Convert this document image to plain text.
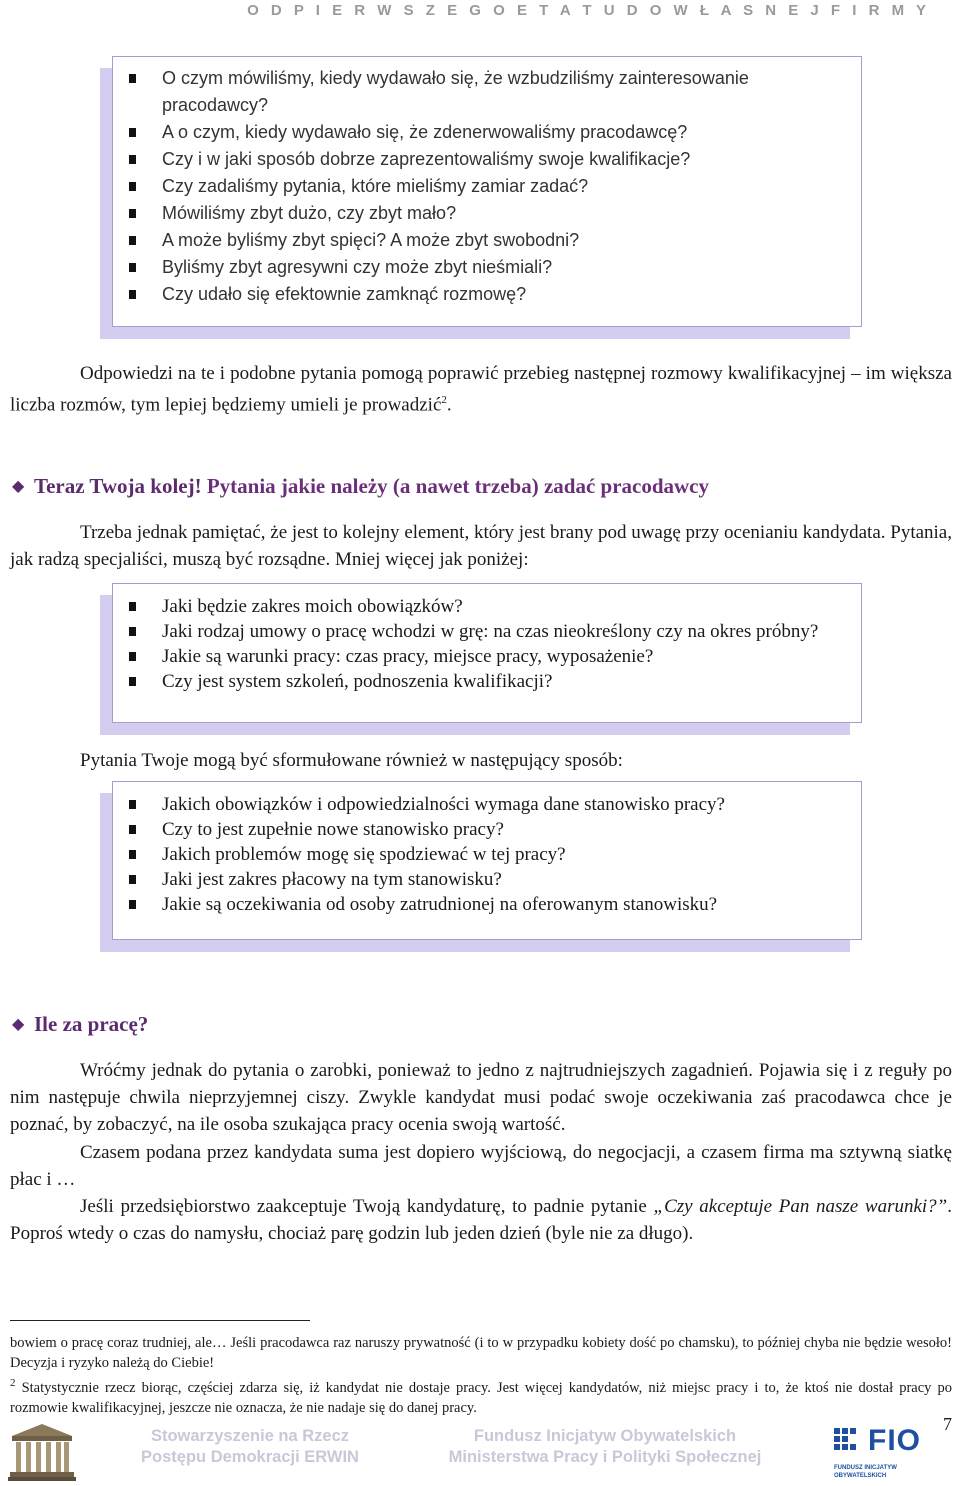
O D P I E R W S Z E G O E T A T U D O W Ł A S N E J F I R M Y
O czym mówiliśmy, kiedy wydawało się, że wzbudziliśmy zainteresowanie pracodawcy?
A o czym, kiedy wydawało się, że zdenerwowaliśmy pracodawcę?
Czy i w jaki sposób dobrze zaprezentowaliśmy swoje kwalifikacje?
Czy zadaliśmy pytania, które mieliśmy zamiar zadać?
Mówiliśmy zbyt dużo, czy zbyt mało?
A może byliśmy zbyt spięci? A może zbyt swobodni?
Byliśmy zbyt agresywni czy może zbyt nieśmiali?
Czy udało się efektownie zamknąć rozmowę?
Odpowiedzi na te i podobne pytania pomogą poprawić przebieg następnej rozmowy kwalifikacyjnej – im większa liczba rozmów, tym lepiej będziemy umieli je prowadzić$^2$.
◆ Teraz Twoja kolej! Pytania jakie należy (a nawet trzeba) zadać pracodawcy
Trzeba jednak pamiętać, że jest to kolejny element, który jest brany pod uwagę przy ocenianiu kandydata. Pytania, jak radzą specjaliści, muszą być rozsądne. Mniej więcej jak poniżej:
Jaki będzie zakres moich obowiązków?
Jaki rodzaj umowy o pracę wchodzi w grę: na czas nieokreślony czy na okres próbny?
Jakie są warunki pracy: czas pracy, miejsce pracy, wyposażenie?
Czy jest system szkoleń, podnoszenia kwalifikacji?
Pytania Twoje mogą być sformułowane również w następujący sposób:
Jakich obowiązków i odpowiedzialności wymaga dane stanowisko pracy?
Czy to jest zupełnie nowe stanowisko pracy?
Jakich problemów mogę się spodziewać w tej pracy?
Jaki jest zakres płacowy na tym stanowisku?
Jakie są oczekiwania od osoby zatrudnionej na oferowanym stanowisku?
◆ Ile za pracę?
Wróćmy jednak do pytania o zarobki, ponieważ to jedno z najtrudniejszych zagadnień. Pojawia się i z reguły po nim następuje chwila nieprzyjemnej ciszy. Zwykle kandydat musi podać swoje oczekiwania zaś pracodawca chce je poznać, by zobaczyć, na ile osoba szukająca pracy ocenia swoją wartość.
Czasem podana przez kandydata suma jest dopiero wyjściową, do negocjacji, a czasem firma ma sztywną siatkę płac i …
Jeśli przedsiębiorstwo zaakceptuje Twoją kandydaturę, to padnie pytanie „Czy akceptuje Pan nasze warunki?”. Poproś wtedy o czas do namysłu, chociaż parę godzin lub jeden dzień (byle nie za długo).
bowiem o pracę coraz trudniej, ale… Jeśli pracodawca raz naruszy prywatność (i to w przypadku kobiety dość po chamsku), to później chyba nie będzie wesoło! Decyzja i ryzyko należą do Ciebie!
$^2$ Statystycznie rzecz biorąc, częściej zdarza się, iż kandydat nie dostaje pracy. Jest więcej kandydatów, niż miejsc pracy i to, że ktoś nie dostał pracy po rozmowie kwalifikacyjnej, jeszcze nie oznacza, że nie nadaje się do danej pracy.
Stowarzyszenie na Rzecz
Postępu Demokracji ERWIN
Fundusz Inicjatyw Obywatelskich
Ministerstwa Pracy i Polityki Społecznej
7
FIO
FUNDUSZ INICJATYW OBYWATELSKICH
